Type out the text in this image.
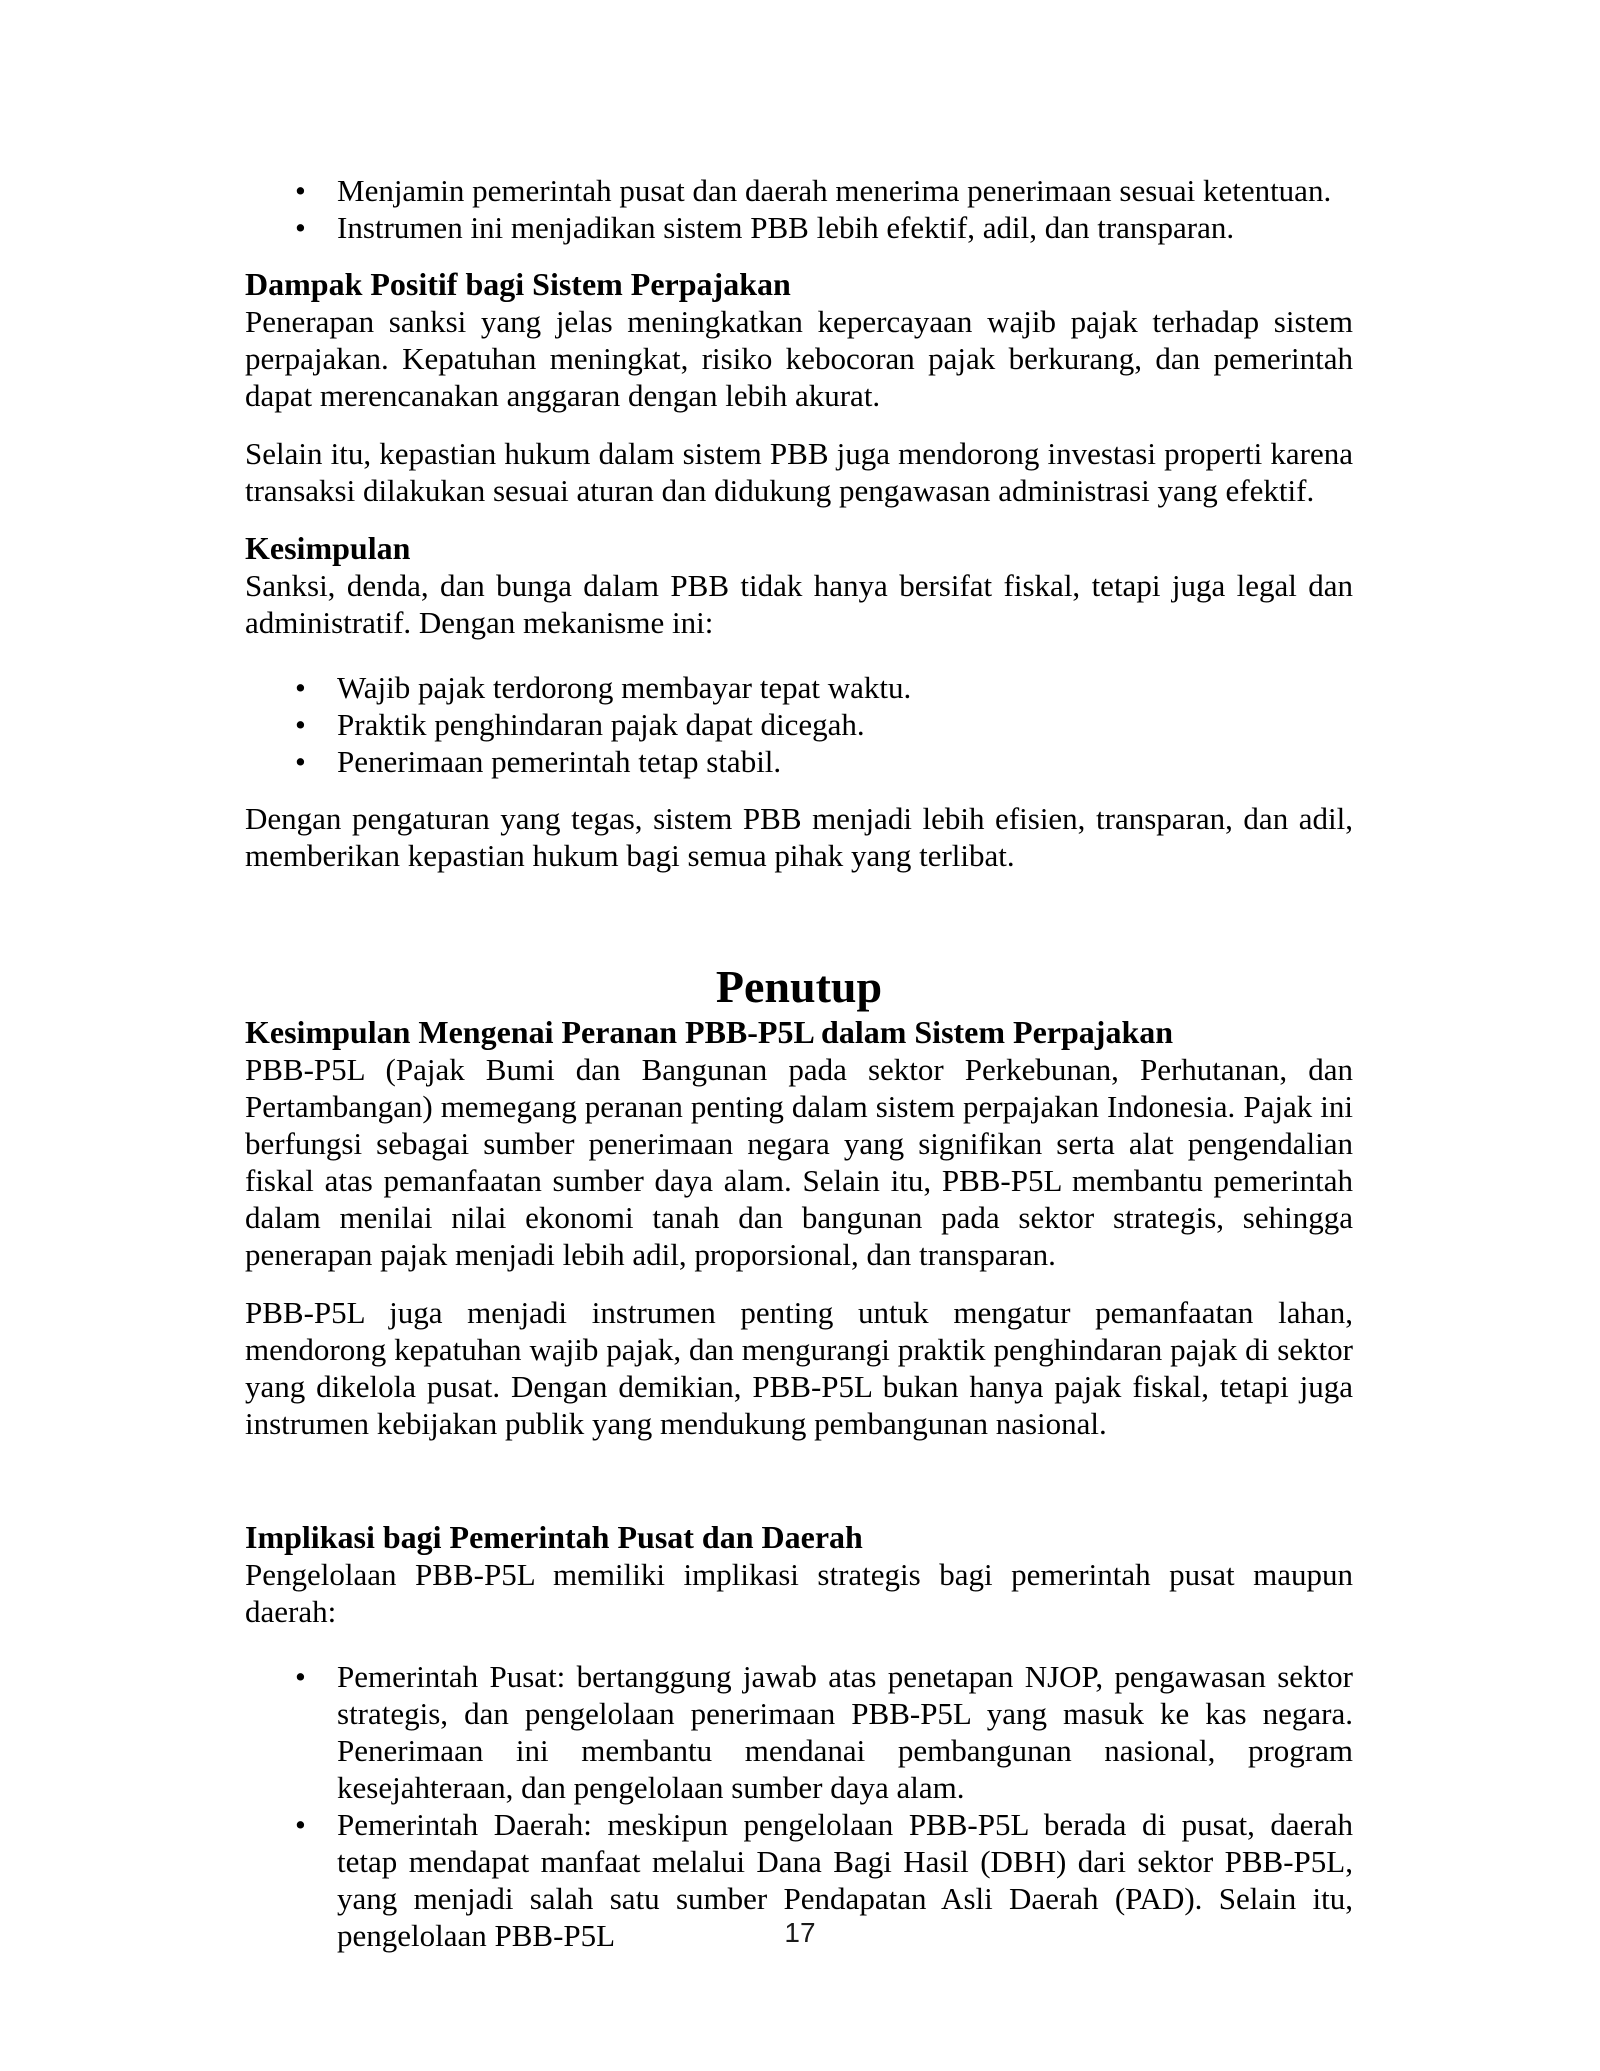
• Menjamin pemerintah pusat dan daerah menerima penerimaan sesuai ketentuan.
• Instrumen ini menjadikan sistem PBB lebih efektif, adil, dan transparan.
Dampak Positif bagi Sistem Perpajakan

Penerapan sanksi yang jelas meningkatkan kepercayaan wajib pajak terhadap sistem perpajakan. Kepatuhan meningkat, risiko kebocoran pajak berkurang, dan pemerintah dapat merencanakan anggaran dengan lebih akurat.

Selain itu, kepastian hukum dalam sistem PBB juga mendorong investasi properti karena transaksi dilakukan sesuai aturan dan didukung pengawasan administrasi yang efektif.

Kesimpulan

Sanksi, denda, dan bunga dalam PBB tidak hanya bersifat fiskal, tetapi juga legal dan administratif. Dengan mekanisme ini:

• Wajib pajak terdorong membayar tepat waktu.
• Praktik penghindaran pajak dapat dicegah.
• Penerimaan pemerintah tetap stabil.

Dengan pengaturan yang tegas, sistem PBB menjadi lebih efisien, transparan, dan adil, memberikan kepastian hukum bagi semua pihak yang terlibat.

Penutup
Kesimpulan Mengenai Peranan PBB-P5L dalam Sistem Perpajakan

PBB-P5L (Pajak Bumi dan Bangunan pada sektor Perkebunan, Perhutanan, dan Pertambangan) memegang peranan penting dalam sistem perpajakan Indonesia. Pajak ini berfungsi sebagai sumber penerimaan negara yang signifikan serta alat pengendalian fiskal atas pemanfaatan sumber daya alam. Selain itu, PBB-P5L membantu pemerintah dalam menilai nilai ekonomi tanah dan bangunan pada sektor strategis, sehingga penerapan pajak menjadi lebih adil, proporsional, dan transparan.

PBB-P5L juga menjadi instrumen penting untuk mengatur pemanfaatan lahan, mendorong kepatuhan wajib pajak, dan mengurangi praktik penghindaran pajak di sektor yang dikelola pusat. Dengan demikian, PBB-P5L bukan hanya pajak fiskal, tetapi juga instrumen kebijakan publik yang mendukung pembangunan nasional.

Implikasi bagi Pemerintah Pusat dan Daerah

Pengelolaan PBB-P5L memiliki implikasi strategis bagi pemerintah pusat maupun daerah:

• Pemerintah Pusat: bertanggung jawab atas penetapan NJOP, pengawasan sektor strategis, dan pengelolaan penerimaan PBB-P5L yang masuk ke kas negara. Penerimaan ini membantu mendanai pembangunan nasional, program kesejahteraan, dan pengelolaan sumber daya alam.
• Pemerintah Daerah: meskipun pengelolaan PBB-P5L berada di pusat, daerah tetap mendapat manfaat melalui Dana Bagi Hasil (DBH) dari sektor PBB-P5L, yang menjadi salah satu sumber Pendapatan Asli Daerah (PAD). Selain itu, pengelolaan PBB-P5L	17
